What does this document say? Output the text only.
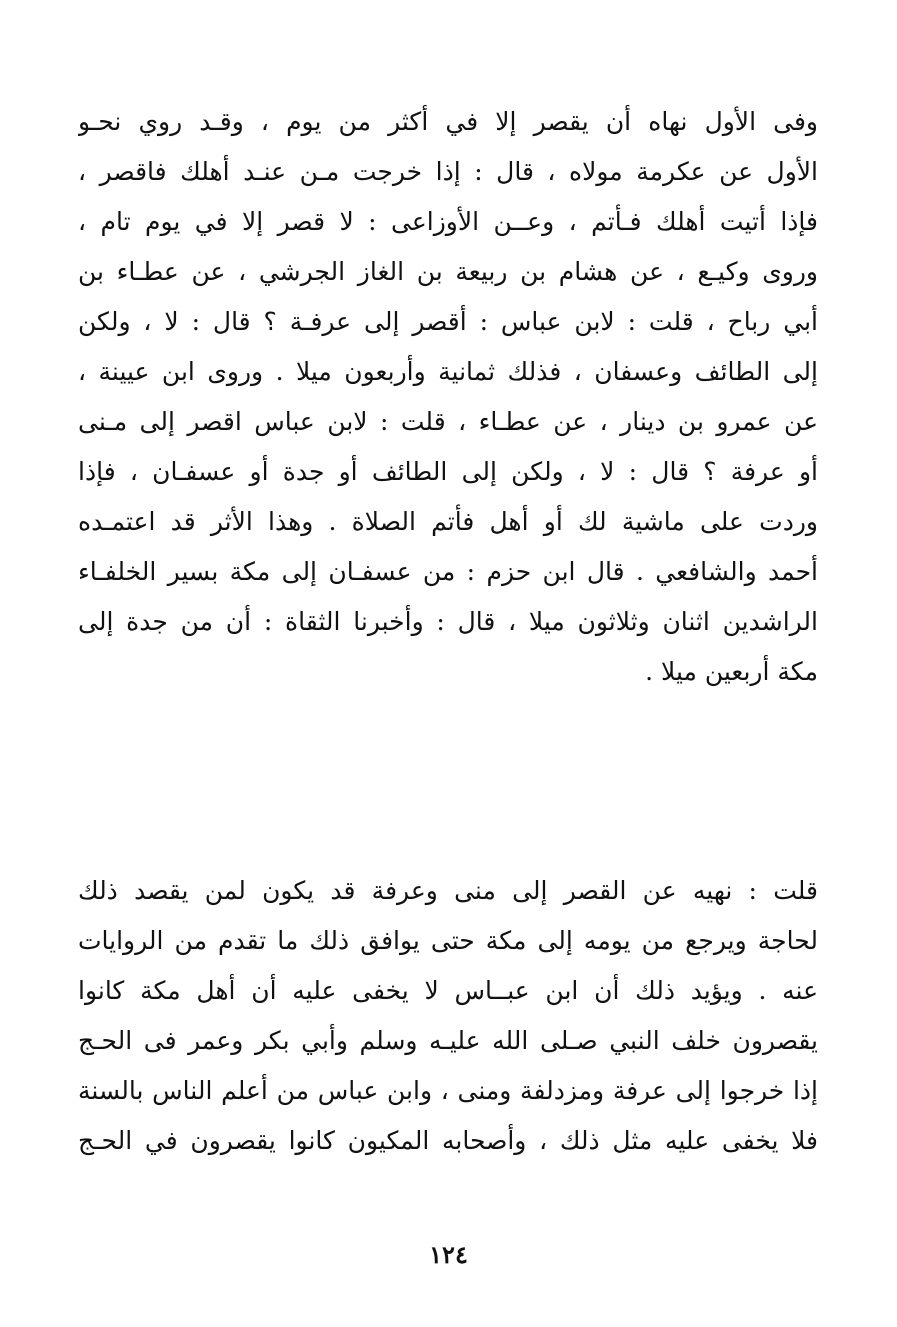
وفى الأول نهاه أن يقصر إلا في أكثر من يوم ، وقـد روي نحـو
الأول عن عكرمة مولاه ، قال : إذا خرجت مـن عنـد أهلك فاقصر ،
فإذا أتيت أهلك فـأتم ، وعــن الأوزاعى : لا قصر إلا في يوم تام ،
وروى وكيـع ، عن هشام بن ربيعة بن الغاز الجرشي ، عن عطـاء بن
أبي رباح ، قلت : لابن عباس : أقصر إلى عرفـة ؟ قال : لا ، ولكن
إلى الطائف وعسفان ، فذلك ثمانية وأربعون ميلا . وروى ابن عيينة ،
عن عمرو بن دينار ، عن عطـاء ، قلت : لابن عباس اقصر إلى مـنى
أو عرفة ؟ قال : لا ، ولكن إلى الطائف أو جدة أو عسفـان ، فإذا
وردت على ماشية لك أو أهل فأتم الصلاة . وهذا الأثر قد اعتمـده
أحمد والشافعي . قال ابن حزم : من عسفـان إلى مكة بسير الخلفـاء
الراشدين اثنان وثلاثون ميلا ، قال : وأخبرنا الثقاة : أن من جدة إلى
مكة أربعين ميلا .
قلت : نهيه عن القصر إلى منى وعرفة قد يكون لمن يقصد ذلك
لحاجة ويرجع من يومه إلى مكة حتى يوافق ذلك ما تقدم من الروايات
عنه . ويؤيد ذلك أن ابن عبــاس لا يخفى عليه أن أهل مكة كانوا
يقصرون خلف النبي صـلى الله عليـه وسلم وأبي بكر وعمر فى الحـج
إذا خرجوا إلى عرفة ومزدلفة ومنى ، وابن عباس من أعلم الناس بالسنة
فلا يخفى عليه مثل ذلك ، وأصحابه المكيون كانوا يقصرون في الحـج
١٢٤
